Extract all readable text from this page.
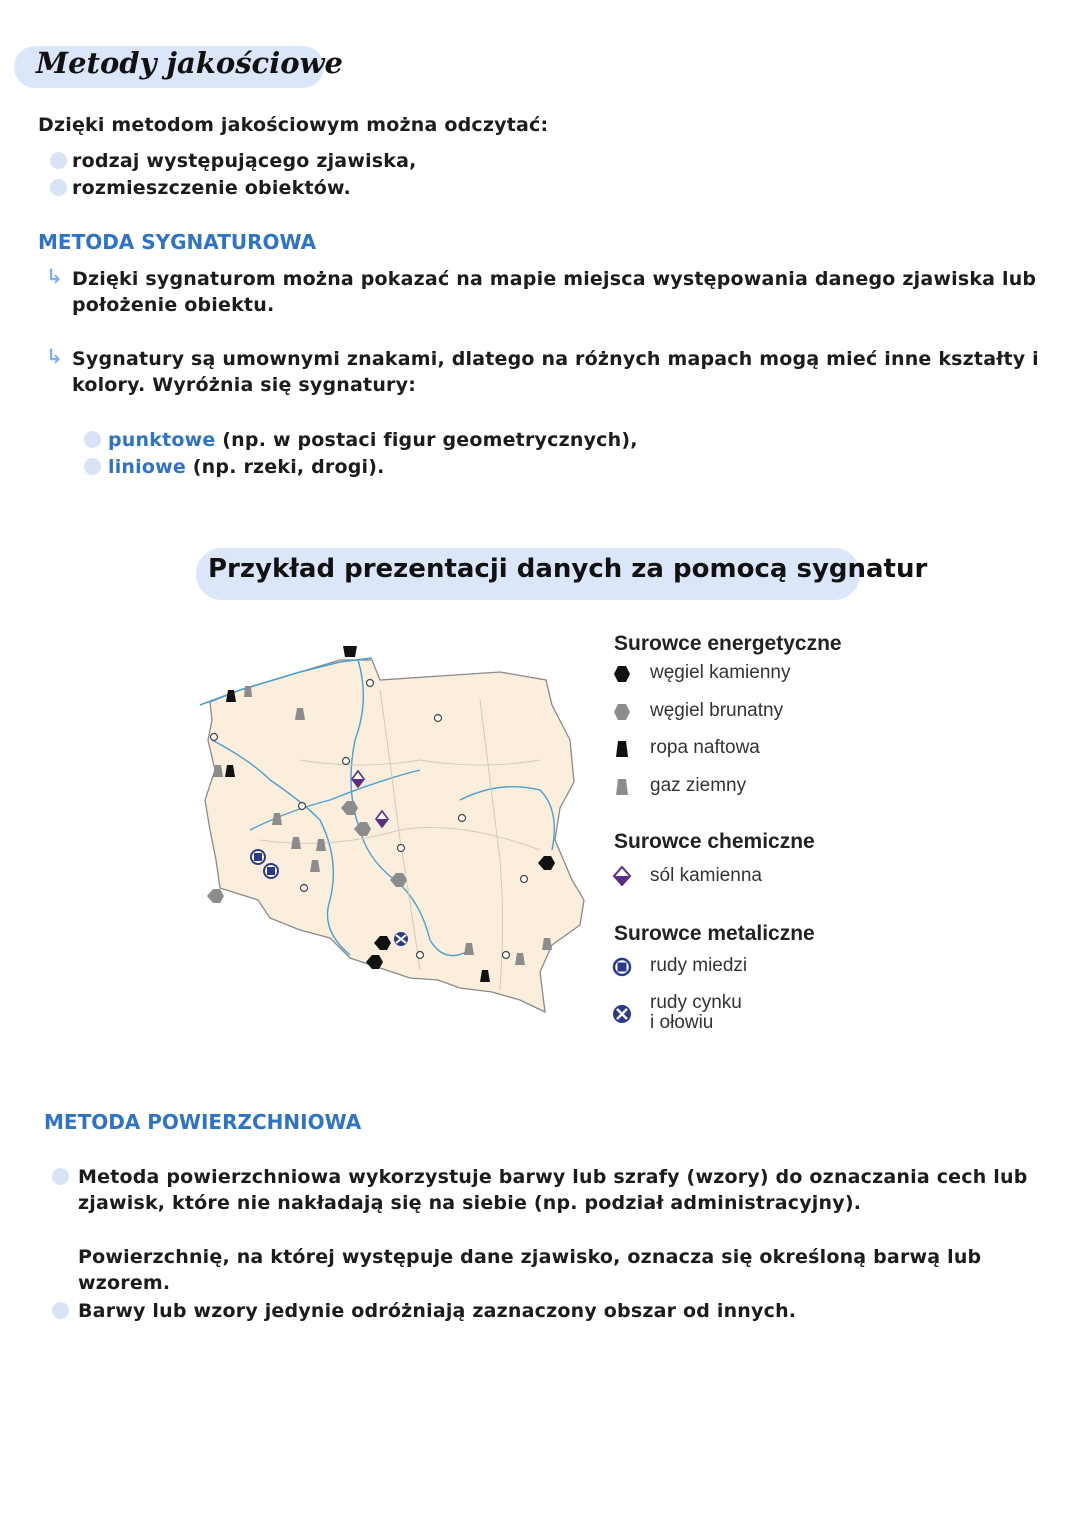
Metody jakościowe
Dzięki metodom jakościowym można odczytać:
rodzaj występującego zjawiska,
rozmieszczenie obiektów.
METODA SYGNATUROWA
↳ Dzięki sygnaturom można pokazać na mapie miejsca występowania danego zjawiska lub
położenie obiektu.
↳ Sygnatury są umownymi znakami, dlatego na różnych mapach mogą mieć inne kształty i
kolory. Wyróżnia się sygnatury:
punktowe (np. w postaci figur geometrycznych),
liniowe (np. rzeki, drogi).
Przykład prezentacji danych za pomocą sygnatur
Surowce energetyczne
węgiel kamienny
węgiel brunatny
ropa naftowa
gaz ziemny
Surowce chemiczne
sól kamienna
Surowce metaliczne
rudy miedzi
rudy cynku
i ołowiu
METODA POWIERZCHNIOWA
Metoda powierzchniowa wykorzystuje barwy lub szrafy (wzory) do oznaczania cech lub
zjawisk, które nie nakładają się na siebie (np. podział administracyjny).
Powierzchnię, na której występuje dane zjawisko, oznacza się określoną barwą lub wzorem.
Barwy lub wzory jedynie odróżniają zaznaczony obszar od innych.
